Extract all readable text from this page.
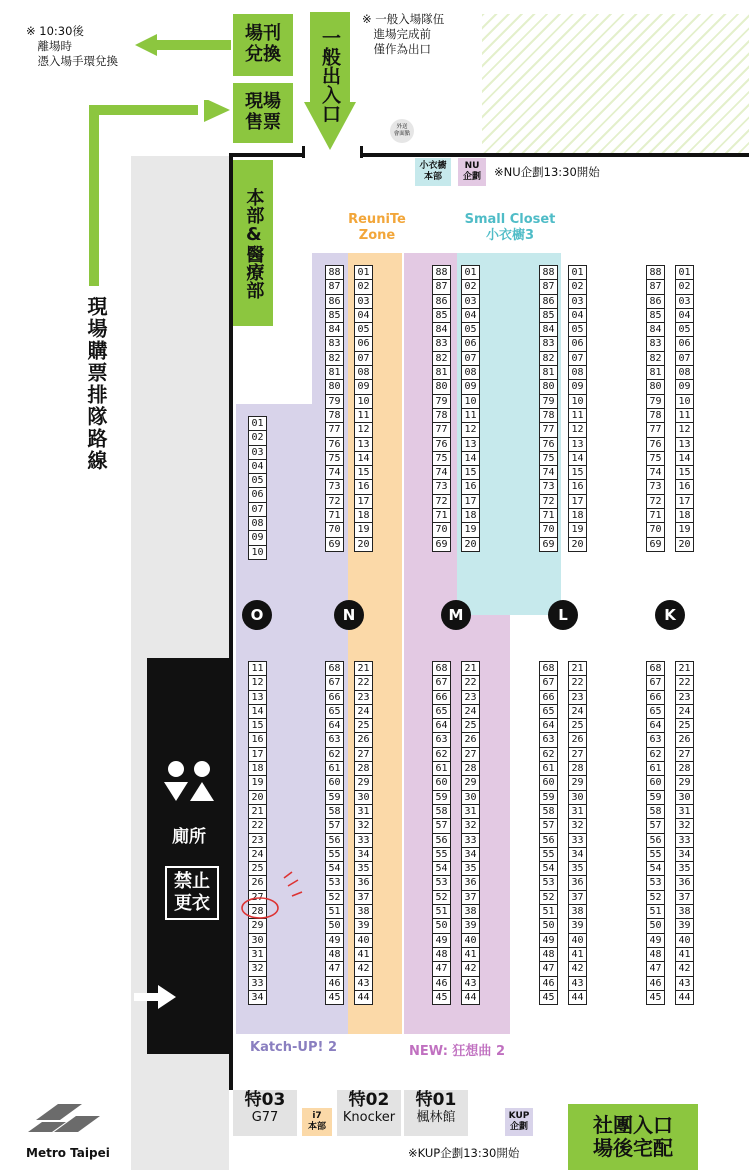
※ 10:30後
　離場時
　憑入場手環兌換
※ 一般入場隊伍
　進場完成前
　僅作為出口
場刊
兌換
現場
售票	一般出入口
外送
會面點
現場購票排隊路線
小衣櫥
本部
NU
企劃	※NU企劃13:30開始
本部&醫療部	ReuniTe
Zone
Small Closet
小衣櫥3
01
02
03
04
05
06
07
08
09
10
11
12
13
14
15
16
17
18
19
20
21
22
23
24
25
26
27
28
29
30
31
32
33
34
88
87
86
85
84
83
82
81
80
79
78
77
76
75
74
73
72
71
70
69
01
02
03
04
05
06
07
08
09
10
11
12
13
14
15
16
17
18
19
20
68
67
66
65
64
63
62
61
60
59
58
57
56
55
54
53
52
51
50
49
48
47
46
45
21
22
23
24
25
26
27
28
29
30
31
32
33
34
35
36
37
38
39
40
41
42
43
44
88
87
86
85
84
83
82
81
80
79
78
77
76
75
74
73
72
71
70
69
01
02
03
04
05
06
07
08
09
10
11
12
13
14
15
16
17
18
19
20
68
67
66
65
64
63
62
61
60
59
58
57
56
55
54
53
52
51
50
49
48
47
46
45
21
22
23
24
25
26
27
28
29
30
31
32
33
34
35
36
37
38
39
40
41
42
43
44
88
87
86
85
84
83
82
81
80
79
78
77
76
75
74
73
72
71
70
69
01
02
03
04
05
06
07
08
09
10
11
12
13
14
15
16
17
18
19
20
68
67
66
65
64
63
62
61
60
59
58
57
56
55
54
53
52
51
50
49
48
47
46
45
21
22
23
24
25
26
27
28
29
30
31
32
33
34
35
36
37
38
39
40
41
42
43
44
88
87
86
85
84
83
82
81
80
79
78
77
76
75
74
73
72
71
70
69
01
02
03
04
05
06
07
08
09
10
11
12
13
14
15
16
17
18
19
20
68
67
66
65
64
63
62
61
60
59
58
57
56
55
54
53
52
51
50
49
48
47
46
45
21
22
23
24
25
26
27
28
29
30
31
32
33
34
35
36
37
38
39
40
41
42
43
44
O	N	M	L	K
Katch-UP! 2	NEW: 狂想曲 2
廁所
禁止
更衣
特03
G77	i7
本部
特02
Knocker
特01
楓林館	KUP
企劃
※KUP企劃13:30開始
社團入口
場後宅配
Metro Taipei
